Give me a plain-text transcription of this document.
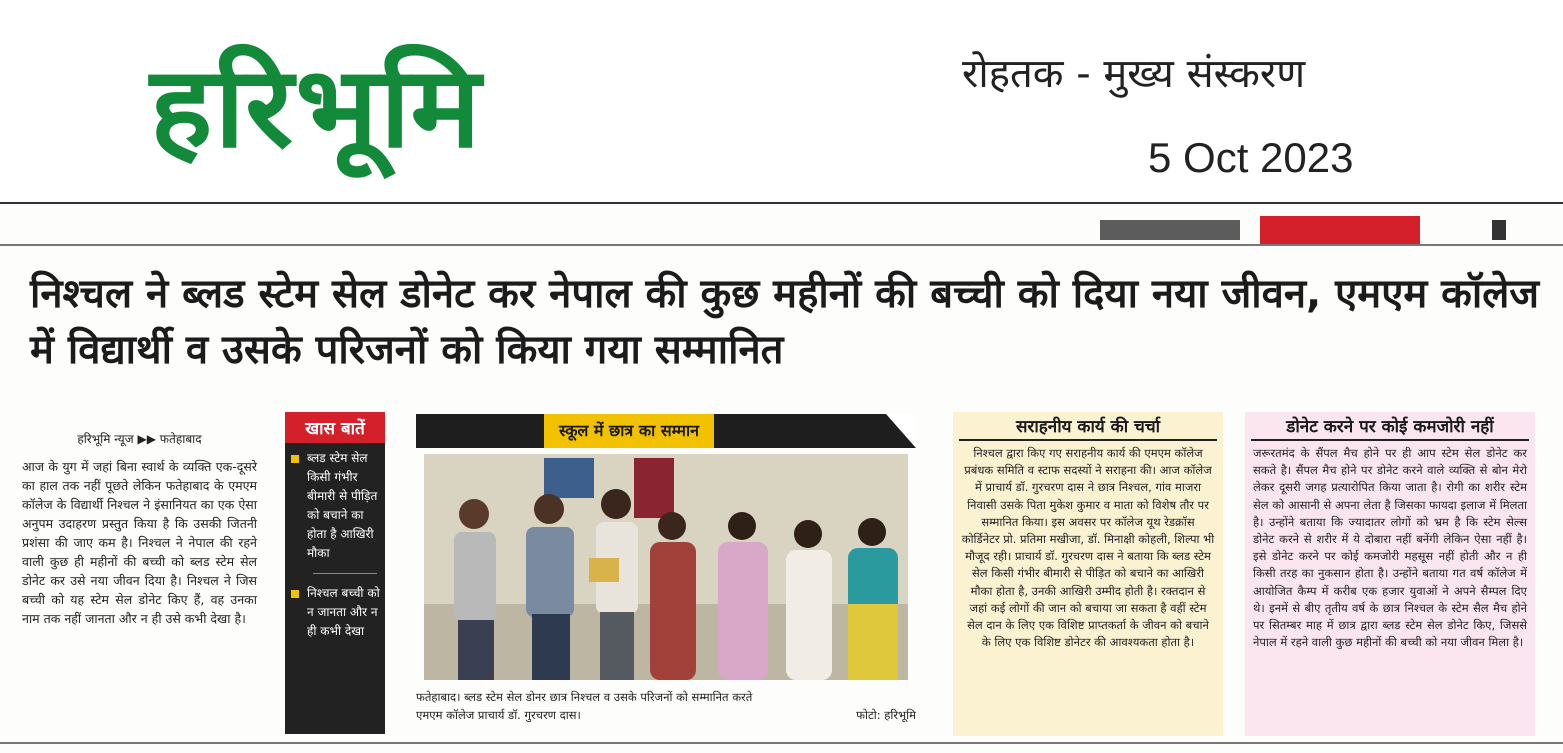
हरिभूमि	रोहतक - मुख्य संस्करण
5 Oct 2023
निश्चल ने ब्लड स्टेम सेल डोनेट कर नेपाल की कुछ महीनों की बच्ची को दिया नया जीवन, एमएम कॉलेज में विद्यार्थी व उसके परिजनों को किया गया सम्मानित
हरिभूमि न्यूज ▶▶ फतेहाबाद
आज के युग में जहां बिना स्वार्थ के व्यक्ति एक-दूसरे का हाल तक नहीं पूछते लेकिन फतेहाबाद के एमएम कॉलेज के विद्यार्थी निश्चल ने इंसानियत का एक ऐसा अनुपम उदाहरण प्रस्तुत किया है कि उसकी जितनी प्रशंसा की जाए कम है। निश्चल ने नेपाल की रहने वाली कुछ ही महीनों की बच्ची को ब्लड स्टेम सेल डोनेट कर उसे नया जीवन दिया है। निश्चल ने जिस बच्ची को यह स्टेम सेल डोनेट किए हैं, वह उनका नाम तक नहीं जानता और न ही उसे कभी देखा है।
खास बातें
ब्लड स्टेम सेल किसी गंभीर बीमारी से पीड़ित को बचाने का होता है आखिरी मौका
निश्चल बच्ची को न जानता और न ही कभी देखा
स्कूल में छात्र का सम्मान
फतेहाबाद। ब्लड स्टेम सेल डोनर छात्र निश्चल व उसके परिजनों को सम्मानित करते
एमएम कॉलेज प्राचार्य डॉ. गुरचरण दास।	फोटो: हरिभूमि
सराहनीय कार्य की चर्चा
निश्चल द्वारा किए गए सराहनीय कार्य की एमएम कॉलेज प्रबंधक समिति व स्टाफ सदस्यों ने सराहना की। आज कॉलेज में प्राचार्य डॉ. गुरचरण दास ने छात्र निश्चल, गांव माजरा निवासी उसके पिता मुकेश कुमार व माता को विशेष तौर पर सम्मानित किया। इस अवसर पर कॉलेज यूथ रेडक्रॉस कोर्डिनेटर प्रो. प्रतिमा मखीजा, डॉ. मिनाक्षी कोहली, शिल्पा भी मौजूद रही। प्राचार्य डॉ. गुरचरण दास ने बताया कि ब्लड स्टेम सेल किसी गंभीर बीमारी से पीड़ित को बचाने का आखिरी मौका होता है, उनकी आखिरी उम्मीद होती है। रक्तदान से जहां कई लोगों की जान को बचाया जा सकता है वहीं स्टेम सेल दान के लिए एक विशिष्ट प्राप्तकर्ता के जीवन को बचाने के लिए एक विशिष्ट डोनेटर की आवश्यकता होता है।
डोनेट करने पर कोई कमजोरी नहीं
जरूरतमंद के सैंपल मैच होने पर ही आप स्टेम सेल डोनेट कर सकते है। सैंपल मैच होने पर डोनेट करने वाले व्यक्ति से बोन मेरो लेकर दूसरी जगह प्रत्यारोपित किया जाता है। रोगी का शरीर स्टेम सेल को आसानी से अपना लेता है जिसका फायदा इलाज में मिलता है। उन्होंने बताया कि ज्यादातर लोगों को भ्रम है कि स्टेम सेल्स डोनेट करने से शरीर में ये दोबारा नहीं बनेंगी लेकिन ऐसा नहीं है। इसे डोनेट करने पर कोई कमजोरी महसूस नहीं होती और न ही किसी तरह का नुकसान होता है। उन्होंने बताया गत वर्ष कॉलेज में आयोजित कैम्प में करीब एक हजार युवाओं ने अपने सैम्पल दिए थे। इनमें से बीए तृतीय वर्ष के छात्र निश्चल के स्टेम सैल मैच होने पर सितम्बर माह में छात्र द्वारा ब्लड स्टेम सेल डोनेट किए, जिससे नेपाल में रहने वाली कुछ महीनों की बच्ची को नया जीवन मिला है।
